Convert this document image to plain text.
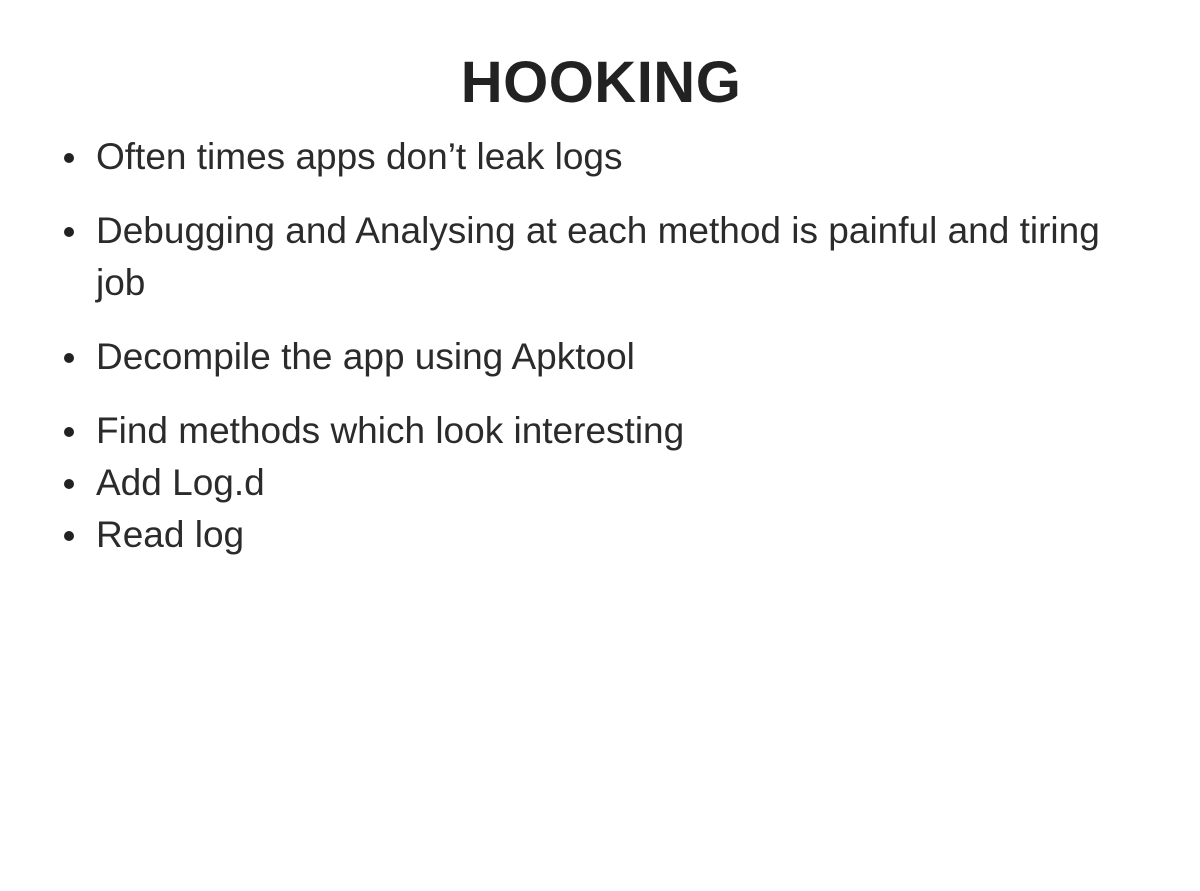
HOOKING
Often times apps don’t leak logs
Debugging and Analysing at each method is painful and tiring job
Decompile the app using Apktool
Find methods which look interesting
Add Log.d
Read log
